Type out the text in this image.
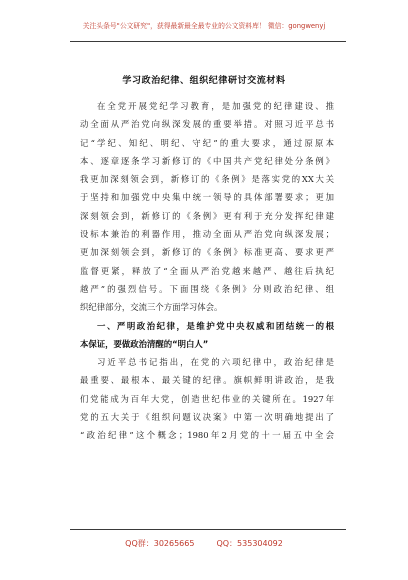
关注头条号"公文研究"，获得最新最全最专业的公文资料库！ 微信：gongwenyj
学习政治纪律、组织纪律研讨交流材料
在全党开展党纪学习教育，是加强党的纪律建设、推
动全面从严治党向纵深发展的重要举措。对照习近平总书
记“学纪、知纪、明纪、守纪”的重大要求，通过原原本
本、逐章逐条学习新修订的《中国共产党纪律处分条例》
我更加深刻领会到，新修订的《条例》是落实党的XX大关
于坚持和加强党中央集中统一领导的具体部署要求；更加
深刻领会到，新修订的《条例》更有利于充分发挥纪律建
设标本兼治的利器作用，推动全面从严治党向纵深发展；
更加深刻领会到，新修订的《条例》标准更高、要求更严
监督更紧，释放了“全面从严治党越来越严、越往后执纪
越严”的强烈信号。下面围绕《条例》分则政治纪律、组
织纪律部分，交流三个方面学习体会。
一、严明政治纪律，是维护党中央权威和团结统一的根
本保证，要做政治清醒的“明白人”
习近平总书记指出，在党的六项纪律中，政治纪律是
最重要、最根本、最关键的纪律。旗帜鲜明讲政治，是我
们党能成为百年大党，创造世纪伟业的关键所在。1927年
党的五大关于《组织问题议决案》中第一次明确地提出了
“政治纪律”这个概念；1980年2月党的十一届五中全会
QQ群：30265665	QQ：535304092
